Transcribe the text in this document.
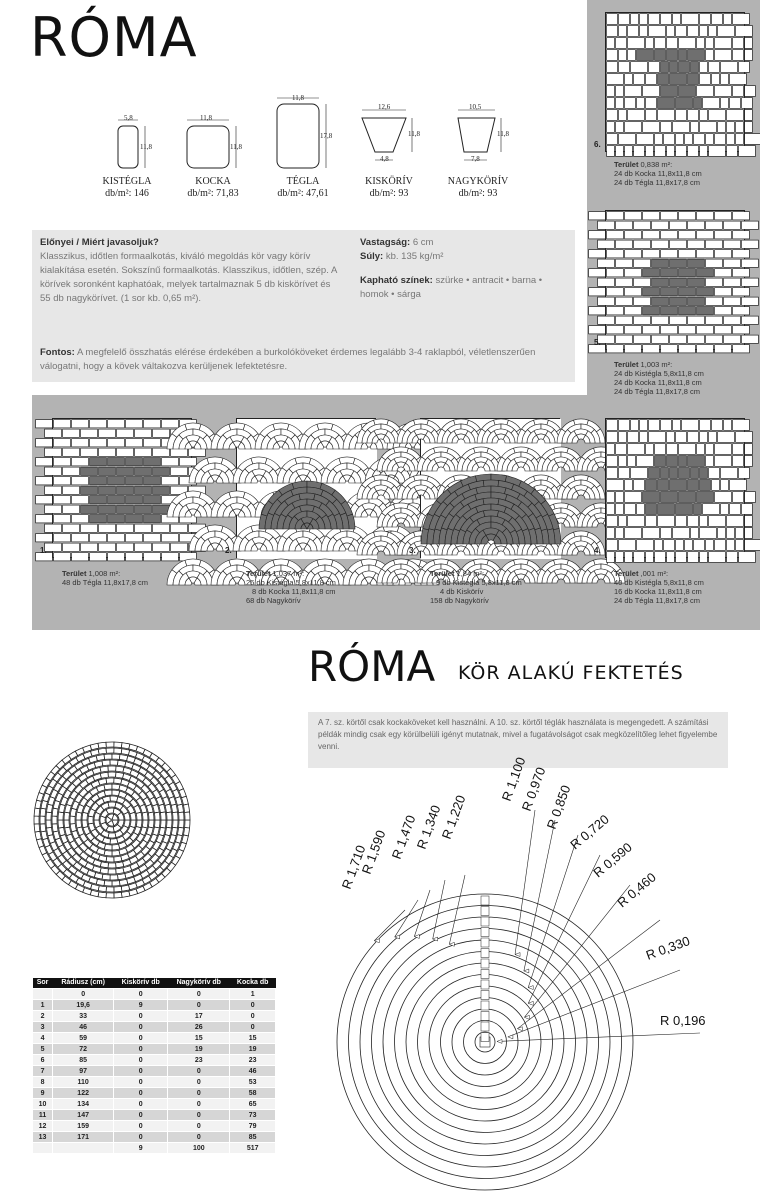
RÓMA
5,8
11,8
11,8
11,8
11,8
17,8
12,6
11,8
4,8
10,5
11,8
7,8
KISTÉGLA
db/m²: 146
KOCKA
db/m²: 71,83
TÉGLA
db/m²: 47,61
KISKÖRÍV
db/m²: 93
NAGYKÖRÍV
db/m²: 93
Előnyei / Miért javasoljuk?
Klasszikus, időtlen formaalkotás, kiváló megoldás kör vagy körív kialakítása esetén. Sokszínű formaalkotás. Klasszikus, időtlen, szép. A körívek soronként kaphatóak, melyek tartalmaznak 5 db kiskörívet és 55 db nagykörívet. (1 sor kb. 0,65 m²).
Vastagság: 6 cm
Súly: kb. 135 kg/m²

Kapható színek: szürke • antracit • barna • homok • sárga
Fontos: A megfelelő összhatás elérése érdekében a burkolóköveket érdemes legalább 3-4 raklapból, véletlenszerűen válogatni, hogy a kövek váltakozva kerüljenek lefektetésre.
1.	2.	3.	4.
5.
6.
Terület 1,008 m²:
48 db Tégla 11,8x17,8 cm
Terület 1,037 m²:
26 db Kistégla 5,8x11,8 cm
8 db Kocka 11,8x11,8 cm
68 db Nagykörív
Terület 1,84 m²:
9 db Kistégla 5,8x11,8 cm
4 db Kiskörív
158 db Nagykörív
Terület ,001 m²:
40 db Kistégla 5,8x11,8 cm
16 db Kocka 11,8x11,8 cm
24 db Tégla 11,8x17,8 cm
Terület 1,003 m²:
24 db Kistégla 5,8x11,8 cm
24 db Kocka 11,8x11,8 cm
24 db Tégla 11,8x17,8 cm
Terület 0,838 m²:
24 db Kocka 11,8x11,8 cm
24 db Tégla 11,8x17,8 cm
RÓMA KÖR ALAKÚ FEKTETÉS
A 7. sz. körtől csak kockaköveket kell használni. A 10. sz. körtől téglák használata is megengedett. A számítási példák mindig csak egy körülbelüli igényt mutatnak, mivel a fugatávolságot csak megközelítőleg lehet figyelembe venni.
Sor	Rádiusz (cm)	Kiskörív db	Nagykörív db	Kocka db
	0	0	0	1
1	19,6	9	0	0
2	33	0	17	0
3	46	0	26	0
4	59	0	15	15
5	72	0	19	19
6	85	0	23	23
7	97	0	0	46
8	110	0	0	53
9	122	0	0	58
10	134	0	0	65
11	147	0	0	73
12	159	0	0	79
13	171	0	0	85
		9	100	517
R 0,196
R 0,330
R 0,460
R 0,590
R 0,720
R 0,850
R 0,970
R 1,100
R 1,220
R 1,340
R 1,470
R 1,590
R 1,710
